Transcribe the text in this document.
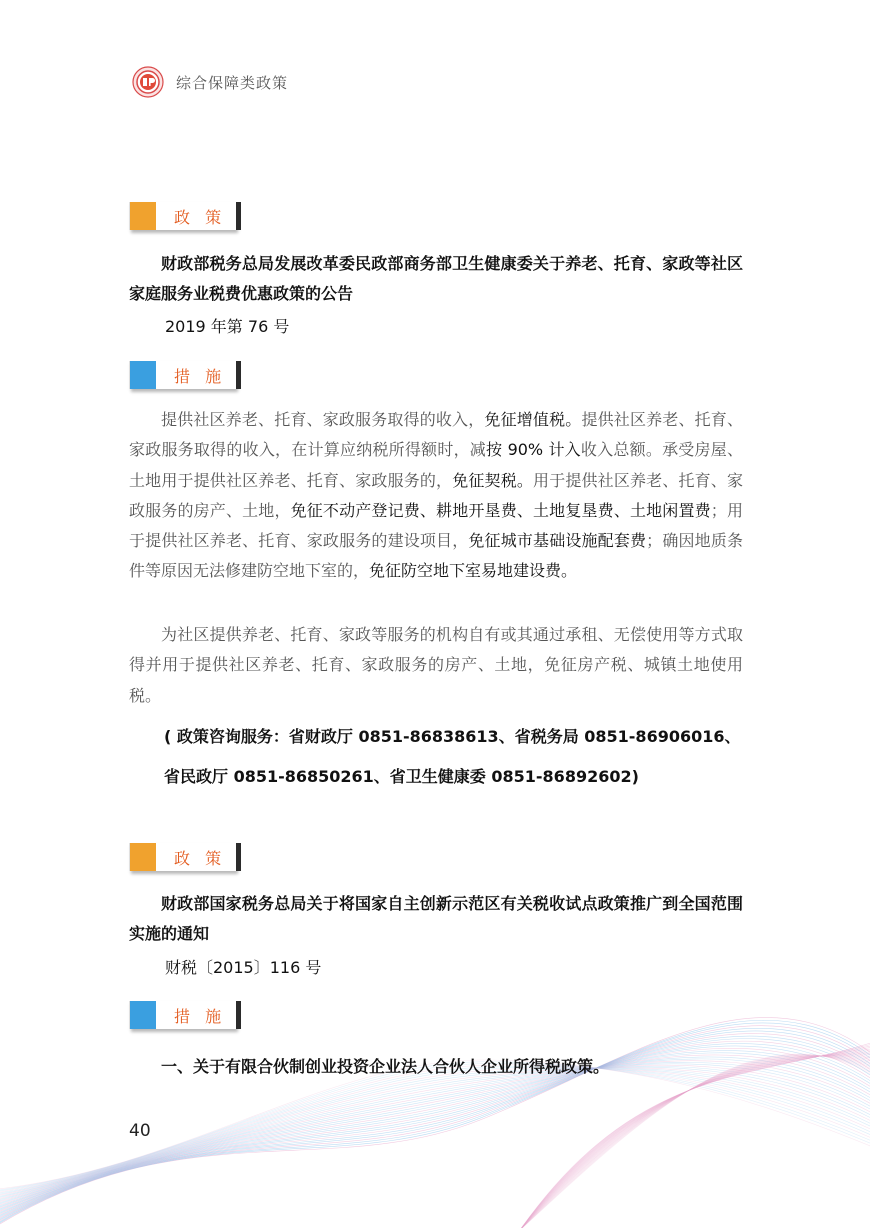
综合保障类政策
政 策
财政部税务总局发展改革委民政部商务部卫生健康委关于养老、托育、家政等社区家庭服务业税费优惠政策的公告
2019 年第 76 号
措 施
提供社区养老、托育、家政服务取得的收入，免征增值税。提供社区养老、托育、家政服务取得的收入，在计算应纳税所得额时，减按 90% 计入收入总额。承受房屋、土地用于提供社区养老、托育、家政服务的，免征契税。用于提供社区养老、托育、家政服务的房产、土地，免征不动产登记费、耕地开垦费、土地复垦费、土地闲置费；用于提供社区养老、托育、家政服务的建设项目，免征城市基础设施配套费；确因地质条件等原因无法修建防空地下室的，免征防空地下室易地建设费。
为社区提供养老、托育、家政等服务的机构自有或其通过承租、无偿使用等方式取得并用于提供社区养老、托育、家政服务的房产、土地，免征房产税、城镇土地使用税。
( 政策咨询服务：省财政厅 0851-86838613、省税务局 0851-86906016、
省民政厅 0851-86850261、省卫生健康委 0851-86892602)
政 策
财政部国家税务总局关于将国家自主创新示范区有关税收试点政策推广到全国范围实施的通知
财税〔2015〕116 号
措 施
一、关于有限合伙制创业投资企业法人合伙人企业所得税政策。
40
